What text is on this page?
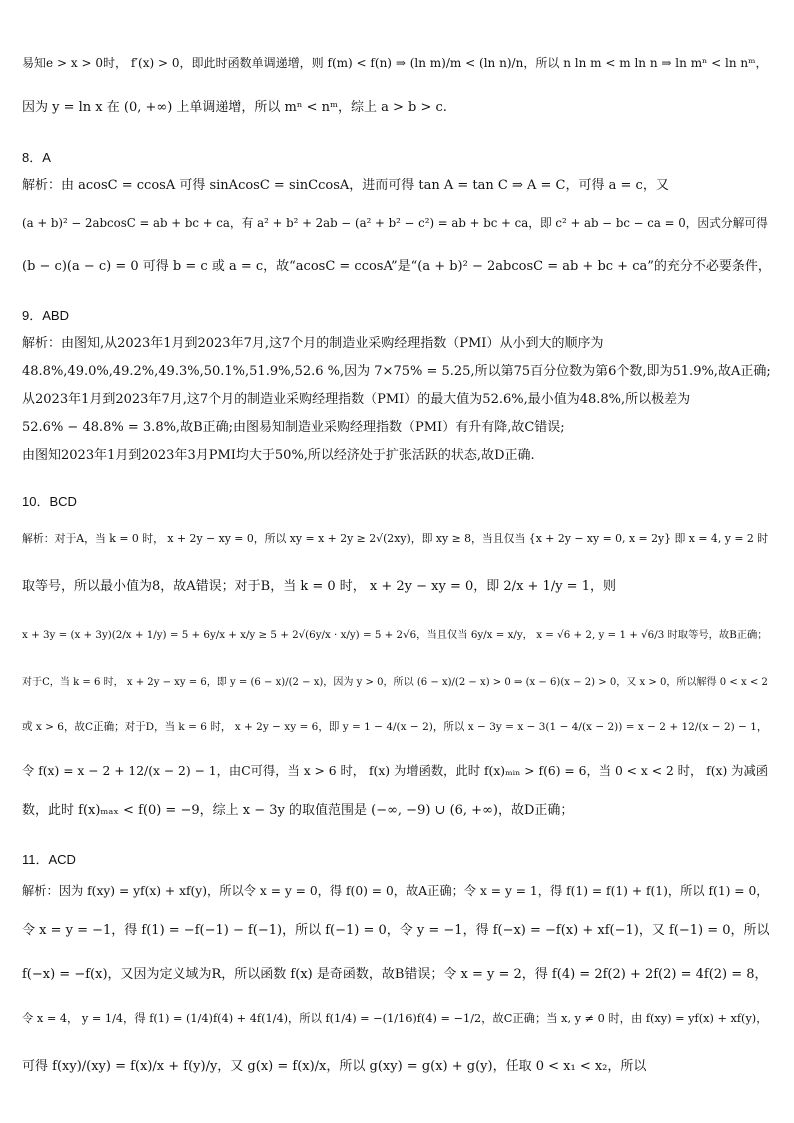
易知e > x > 0时， f′(x) > 0，即此时函数单调递增，则 f(m) < f(n) ⇒ (ln m)/m < (ln n)/n，所以 n ln m < m ln n ⇒ ln mⁿ < ln nᵐ，
因为 y = ln x 在 (0, +∞) 上单调递增，所以 mⁿ < nᵐ，综上 a > b > c.
8．A
解析：由 acosC = ccosA 可得 sinAcosC = sinCcosA，进而可得 tan A = tan C ⇒ A = C，可得 a = c，又
(a + b)² − 2abcosC = ab + bc + ca，有 a² + b² + 2ab − (a² + b² − c²) = ab + bc + ca，即 c² + ab − bc − ca = 0，因式分解可得
(b − c)(a − c) = 0 可得 b = c 或 a = c，故“acosC = ccosA”是“(a + b)² − 2abcosC = ab + bc + ca”的充分不必要条件，
9．ABD
解析：由图知,从2023年1月到2023年7月,这7个月的制造业采购经理指数（PMI）从小到大的顺序为
48.8%,49.0%,49.2%,49.3%,50.1%,51.9%,52.6 %,因为 7×75% = 5.25,所以第75百分位数为第6个数,即为51.9%,故A正确;
从2023年1月到2023年7月,这7个月的制造业采购经理指数（PMI）的最大值为52.6%,最小值为48.8%,所以极差为
52.6% − 48.8% = 3.8%,故B正确;由图易知制造业采购经理指数（PMI）有升有降,故C错误;
由图知2023年1月到2023年3月PMI均大于50%,所以经济处于扩张活跃的状态,故D正确.
10．BCD
解析：对于A，当 k = 0 时， x + 2y − xy = 0，所以 xy = x + 2y ≥ 2√(2xy)，即 xy ≥ 8，当且仅当 {x + 2y − xy = 0, x = 2y} 即 x = 4, y = 2 时
取等号，所以最小值为8，故A错误；对于B，当 k = 0 时， x + 2y − xy = 0，即 2/x + 1/y = 1，则
x + 3y = (x + 3y)(2/x + 1/y) = 5 + 6y/x + x/y ≥ 5 + 2√(6y/x · x/y) = 5 + 2√6，当且仅当 6y/x = x/y， x = √6 + 2, y = 1 + √6/3 时取等号，故B正确；
对于C，当 k = 6 时， x + 2y − xy = 6，即 y = (6 − x)/(2 − x)，因为 y > 0，所以 (6 − x)/(2 − x) > 0 ⇒ (x − 6)(x − 2) > 0，又 x > 0，所以解得 0 < x < 2
或 x > 6，故C正确；对于D，当 k = 6 时， x + 2y − xy = 6，即 y = 1 − 4/(x − 2)，所以 x − 3y = x − 3(1 − 4/(x − 2)) = x − 2 + 12/(x − 2) − 1，
令 f(x) = x − 2 + 12/(x − 2) − 1，由C可得，当 x > 6 时， f(x) 为增函数，此时 f(x)ₘᵢₙ > f(6) = 6，当 0 < x < 2 时， f(x) 为减函
数，此时 f(x)ₘₐₓ < f(0) = −9，综上 x − 3y 的取值范围是 (−∞, −9) ∪ (6, +∞)，故D正确；
11．ACD
解析：因为 f(xy) = yf(x) + xf(y)，所以令 x = y = 0，得 f(0) = 0，故A正确；令 x = y = 1，得 f(1) = f(1) + f(1)，所以 f(1) = 0，
令 x = y = −1，得 f(1) = −f(−1) − f(−1)，所以 f(−1) = 0，令 y = −1，得 f(−x) = −f(x) + xf(−1)，又 f(−1) = 0，所以
f(−x) = −f(x)，又因为定义域为R，所以函数 f(x) 是奇函数，故B错误；令 x = y = 2，得 f(4) = 2f(2) + 2f(2) = 4f(2) = 8，
令 x = 4， y = 1/4，得 f(1) = (1/4)f(4) + 4f(1/4)，所以 f(1/4) = −(1/16)f(4) = −1/2，故C正确；当 x, y ≠ 0 时，由 f(xy) = yf(x) + xf(y)，
可得 f(xy)/(xy) = f(x)/x + f(y)/y，又 g(x) = f(x)/x，所以 g(xy) = g(x) + g(y)，任取 0 < x₁ < x₂，所以
